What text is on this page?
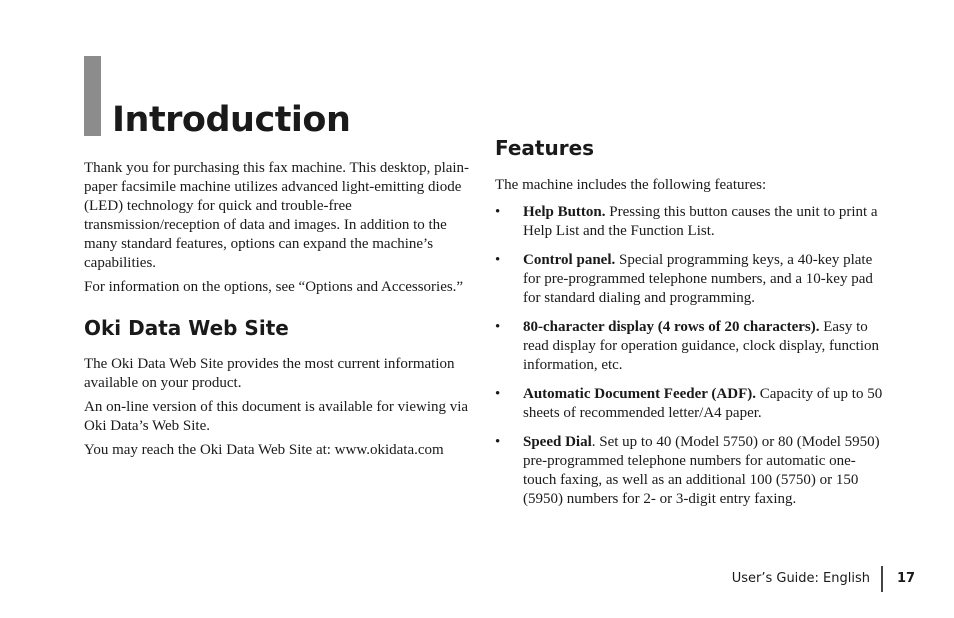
Introduction

Thank you for purchasing this fax machine. This desktop, plain-paper facsimile machine utilizes advanced light-emitting diode (LED) technology for quick and trouble-free transmission/reception of data and images. In addition to the many standard features, options can expand the machine’s capabilities.

For information on the options, see “Options and Accessories.”

Oki Data Web Site

The Oki Data Web Site provides the most current information available on your product.

An on-line version of this document is available for viewing via Oki Data’s Web Site.

You may reach the Oki Data Web Site at: www.okidata.com

Features

The machine includes the following features:

• Help Button. Pressing this button causes the unit to print a Help List and the Function List.
• Control panel. Special programming keys, a 40-key plate for pre-programmed telephone numbers, and a 10-key pad for standard dialing and programming.
• 80-character display (4 rows of 20 characters). Easy to read display for operation guidance, clock display, function information, etc.
• Automatic Document Feeder (ADF). Capacity of up to 50 sheets of recommended letter/A4 paper.
• Speed Dial. Set up to 40 (Model 5750) or 80 (Model 5950) pre-programmed telephone numbers for automatic one-touch faxing, as well as an additional 100 (5750) or 150 (5950) numbers for 2- or 3-digit entry faxing.
User’s Guide: English 17
